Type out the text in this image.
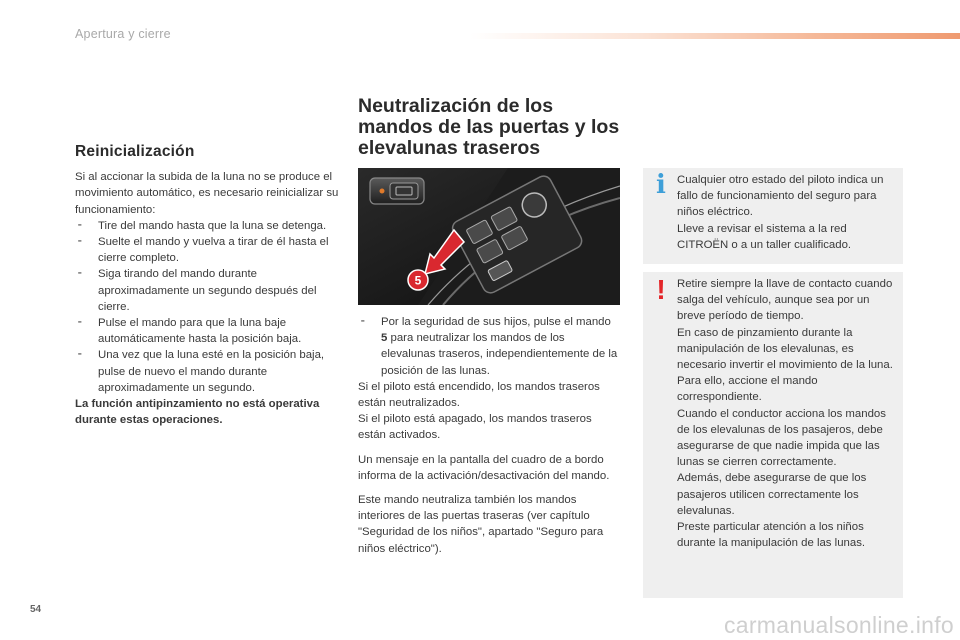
Apertura y cierre
Reinicialización

Si al accionar la subida de la luna no se produce el movimiento automático, es necesario reinicializar su funcionamiento:

⁃ Tire del mando hasta que la luna se detenga.
⁃ Suelte el mando y vuelva a tirar de él hasta el cierre completo.
⁃ Siga tirando del mando durante aproximadamente un segundo después del cierre.
⁃ Pulse el mando para que la luna baje automáticamente hasta la posición baja.
⁃ Una vez que la luna esté en la posición baja, pulse de nuevo el mando durante aproximadamente un segundo.

La función antipinzamiento no está operativa durante estas operaciones.

Neutralización de los mandos de las puertas y los elevalunas traseros
5
⁃ Por la seguridad de sus hijos, pulse el mando 5 para neutralizar los mandos de los elevalunas traseros, independientemente de la posición de las lunas.

Si el piloto está encendido, los mandos traseros están neutralizados.

Si el piloto está apagado, los mandos traseros están activados.

Un mensaje en la pantalla del cuadro de a bordo informa de la activación/desactivación del mando.

Este mando neutraliza también los mandos interiores de las puertas traseras (ver capítulo "Seguridad de los niños", apartado "Seguro para niños eléctrico").

i Cualquier otro estado del piloto indica un fallo de funcionamiento del seguro para niños eléctrico.

Lleve a revisar el sistema a la red CITROËN o a un taller cualificado.

! Retire siempre la llave de contacto cuando salga del vehículo, aunque sea por un breve período de tiempo.

En caso de pinzamiento durante la manipulación de los elevalunas, es necesario invertir el movimiento de la luna. Para ello, accione el mando correspondiente.

Cuando el conductor acciona los mandos de los elevalunas de los pasajeros, debe asegurarse de que nadie impida que las lunas se cierren correctamente.

Además, debe asegurarse de que los pasajeros utilicen correctamente los elevalunas.

Preste particular atención a los niños durante la manipulación de las lunas.

54
carmanualsonline.info
